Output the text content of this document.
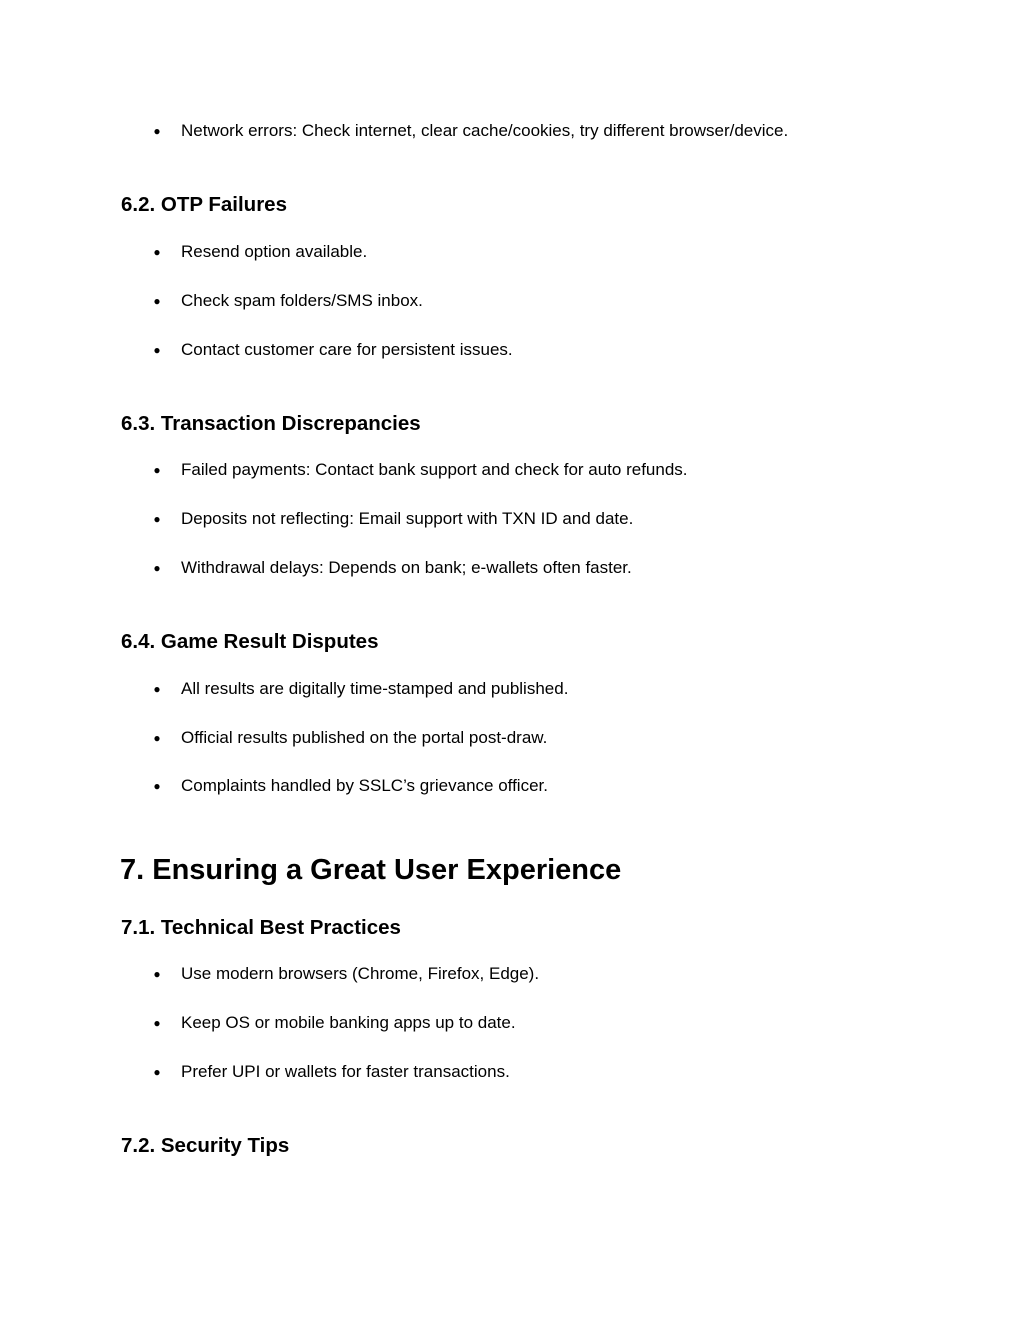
● Network errors: Check internet, clear cache/cookies, try different browser/device.
6.2. OTP Failures
● Resend option available.
● Check spam folders/SMS inbox.
● Contact customer care for persistent issues.
6.3. Transaction Discrepancies
● Failed payments: Contact bank support and check for auto refunds.
● Deposits not reflecting: Email support with TXN ID and date.
● Withdrawal delays: Depends on bank; e‑wallets often faster.
6.4. Game Result Disputes
● All results are digitally time-stamped and published.
● Official results published on the portal post-draw.
● Complaints handled by SSLC’s grievance officer.
7. Ensuring a Great User Experience
7.1. Technical Best Practices
● Use modern browsers (Chrome, Firefox, Edge).
● Keep OS or mobile banking apps up to date.
● Prefer UPI or wallets for faster transactions.
7.2. Security Tips
